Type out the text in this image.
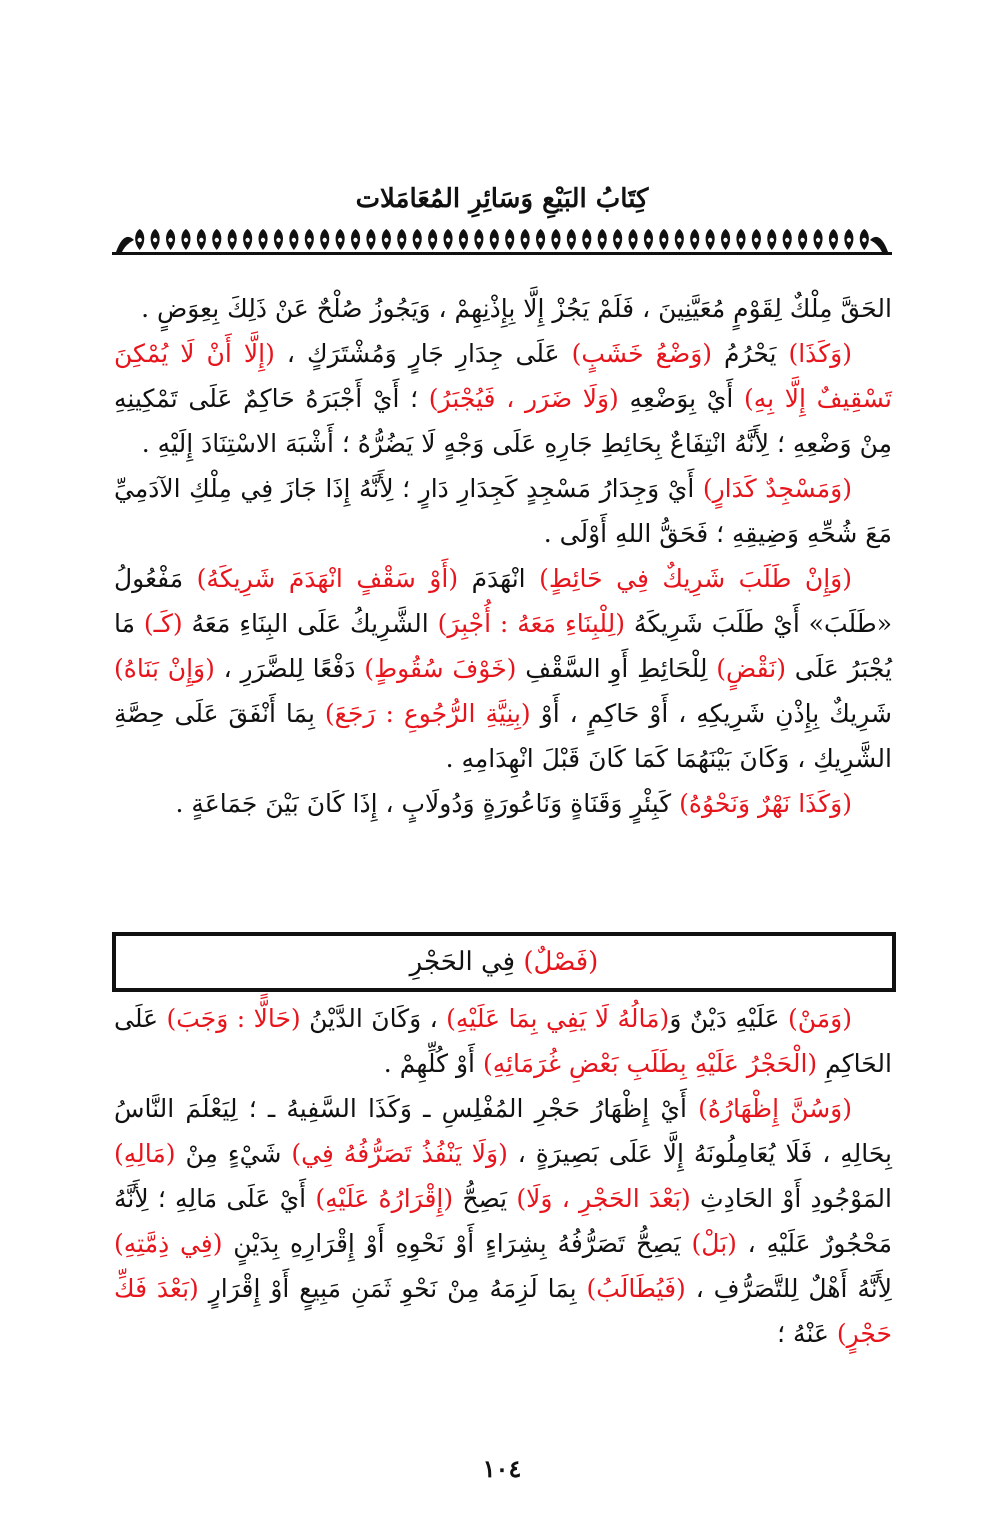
كِتَابُ البَيْعِ وَسَائِرِ المُعَامَلات

الحَقَّ مِلْكٌ لِقَوْمٍ مُعَيَّنِينَ ، فَلَمْ يَجُزْ إِلَّا بِإِذْنِهِمْ ، وَيَجُوزُ صُلْحٌ عَنْ ذَلِكَ بِعِوَضٍ .

(وَكَذَا) يَحْرُمُ (وَضْعُ خَشَبٍ) عَلَى جِدَارِ جَارٍ وَمُشْتَرَكٍ ، (إِلَّا أَنْ لَا يُمْكِنَ تَسْقِيفٌ إِلَّا بِهِ) أَيْ بِوَضْعِهِ (وَلَا ضَرَر ، فَيُجْبَرُ) ؛ أَيْ أَجْبَرَهُ حَاكِمٌ عَلَى تَمْكِينِهِ مِنْ وَضْعِهِ ؛ لِأَنَّهُ انْتِفَاعٌ بِحَائِطِ جَارِهِ عَلَى وَجْهٍ لَا يَضُرُّهُ ؛ أَشْبَهَ الاسْتِنَادَ إِلَيْهِ .

(وَمَسْجِدٌ كَدَارٍ) أَيْ وَجِدَارُ مَسْجِدٍ كَجِدَارِ دَارٍ ؛ لِأَنَّهُ إِذَا جَازَ فِي مِلْكِ الآدَمِيِّ مَعَ شُحِّهِ وَضِيقِهِ ؛ فَحَقُّ اللهِ أَوْلَى .

(وَإِنْ طَلَبَ شَرِيكٌ فِي حَائِطٍ) انْهَدَمَ (أَوْ سَقْفٍ انْهَدَمَ شَرِيكَهُ) مَفْعُولُ «طَلَبَ» أَيْ طَلَبَ شَرِيكَهُ (لِلْبِنَاءِ مَعَهُ : أُجْبِرَ) الشَّرِيكُ عَلَى البِنَاءِ مَعَهُ (كَـ) مَا يُجْبَرُ عَلَى (نَقْضٍ) لِلْحَائِطِ أَوِ السَّقْفِ (خَوْفَ سُقُوطٍ) دَفْعًا لِلضَّرَرِ ، (وَإِنْ بَنَاهُ) شَرِيكٌ بِإِذْنِ شَرِيكِهِ ، أَوْ حَاكِمٍ ، أَوْ (بِنِيَّةِ الرُّجُوعِ : رَجَعَ) بِمَا أَنْفَقَ عَلَى حِصَّةِ الشَّرِيكِ ، وَكَانَ بَيْنَهُمَا كَمَا كَانَ قَبْلَ انْهِدَامِهِ .

(وَكَذَا نَهْرٌ وَنَحْوُهُ) كَبِئْرٍ وَقَنَاةٍ وَنَاعُورَةٍ وَدُولَابٍ ، إِذَا كَانَ بَيْنَ جَمَاعَةٍ .

(فَصْلٌ) فِي الحَجْرِ

(وَمَنْ) عَلَيْهِ دَيْنٌ وَ(مَالُهُ لَا يَفِي بِمَا عَلَيْهِ) ، وَكَانَ الدَّيْنُ (حَالًّا : وَجَبَ) عَلَى الحَاكِمِ (الْحَجْرُ عَلَيْهِ بِطَلَبِ بَعْضِ غُرَمَائِهِ) أَوْ كُلِّهِمْ .

(وَسُنَّ إِظْهَارُهُ) أَيْ إِظْهَارُ حَجْرِ المُفْلِسِ ـ وَكَذَا السَّفِيهُ ـ ؛ لِيَعْلَمَ النَّاسُ بِحَالِهِ ، فَلَا يُعَامِلُونَهُ إِلَّا عَلَى بَصِيرَةٍ ، (وَلَا يَنْفُذُ تَصَرُّفُهُ فِي) شَيْءٍ مِنْ (مَالِهِ) المَوْجُودِ أَوْ الحَادِثِ (بَعْدَ الحَجْرِ ، وَلَا) يَصِحُّ (إِقْرَارُهُ عَلَيْهِ) أَيْ عَلَى مَالِهِ ؛ لِأَنَّهُ مَحْجُورٌ عَلَيْهِ ، (بَلْ) يَصِحُّ تَصَرُّفُهُ بِشِرَاءٍ أَوْ نَحْوِهِ أَوْ إِقْرَارِهِ بِدَيْنٍ (فِي ذِمَّتِهِ) لِأَنَّهُ أَهْلٌ لِلتَّصَرُّفِ ، (فَيُطَالَبُ) بِمَا لَزِمَهُ مِنْ نَحْوِ ثَمَنِ مَبِيعٍ أَوْ إِقْرَارٍ (بَعْدَ فَكِّ حَجْرٍ) عَنْهُ ؛

١٠٤
